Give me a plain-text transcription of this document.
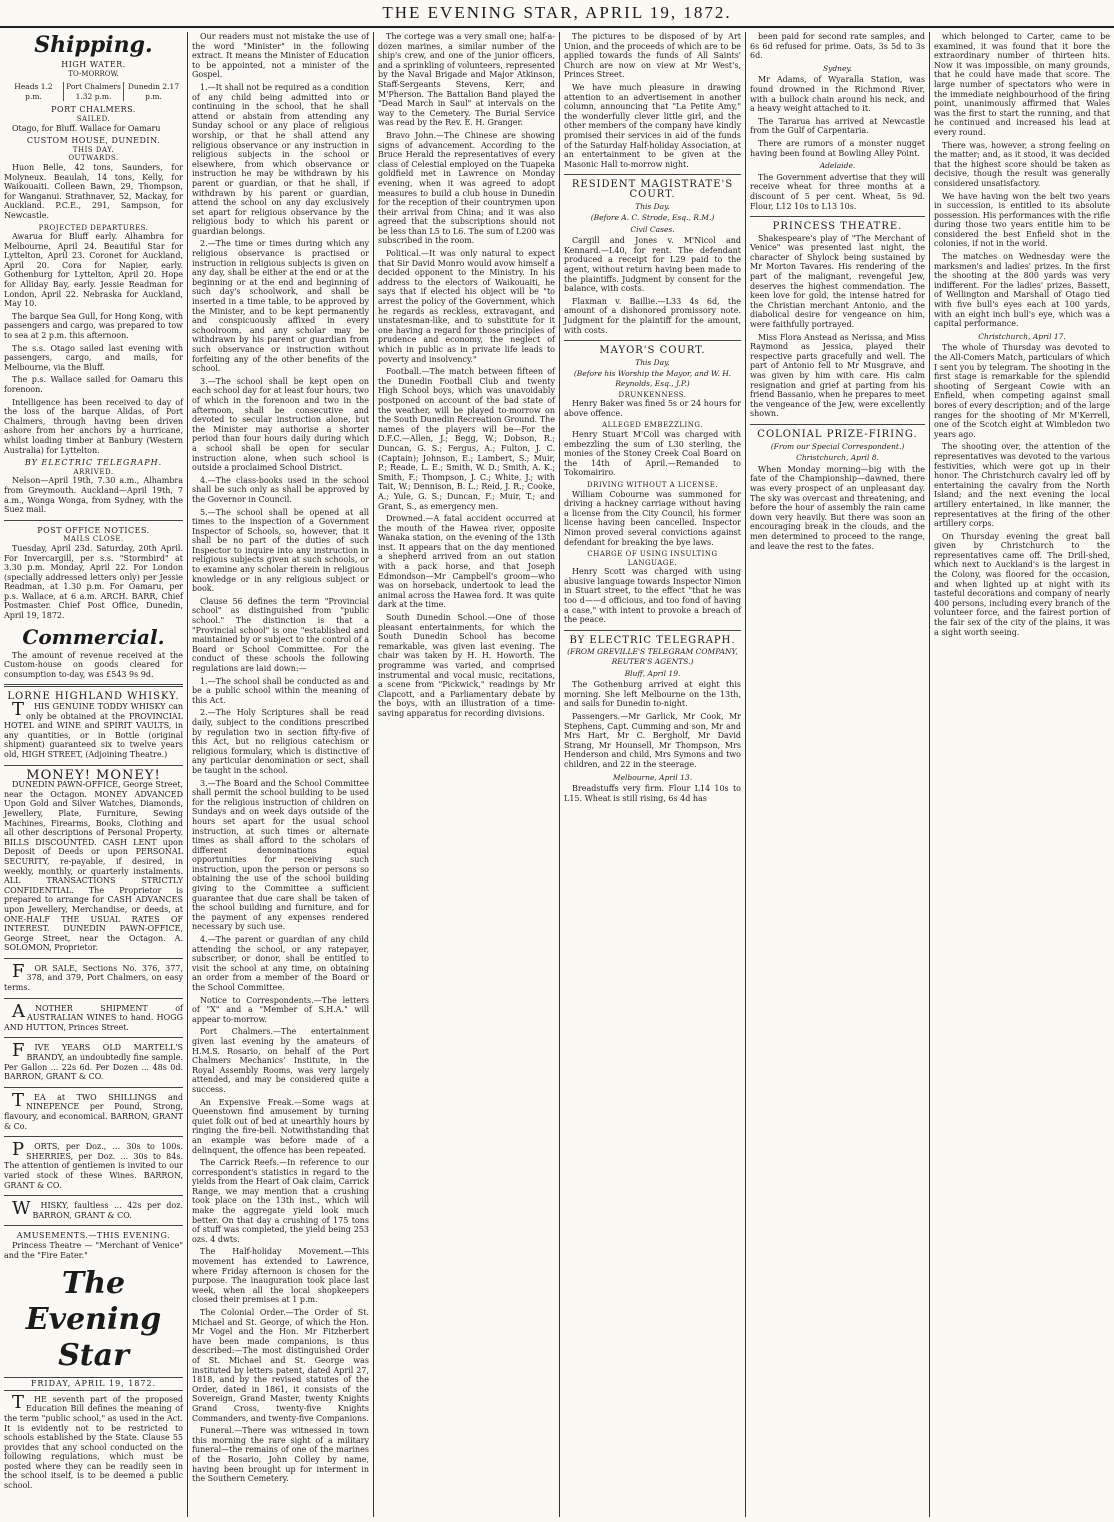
THE EVENING STAR, APRIL 19, 1872.
Shipping.
HIGH WATER.
TO-MORROW.
Heads 1.2 p.m.
Port Chalmers 1.32 p.m.
Dunedin 2.17 p.m.
PORT CHALMERS.
SAILED.
Otago, for Bluff. Wallace for Oamaru
CUSTOM HOUSE, DUNEDIN.
THIS DAY.
OUTWARDS.
Huon Belle, 42 tons, Saunders, for Molyneux. Beaulah, 14 tons, Kelly, for Waikouaiti. Colleen Bawn, 29, Thompson, for Wanganui. Strathnaver, 52, Mackay, for Auckland. P.C.E., 291, Sampson, for Newcastle.
PROJECTED DEPARTURES.
Awarua for Bluff early. Alhambra for Melbourne, April 24. Beautiful Star for Lyttelton, April 23. Coronet for Auckland, April 20. Cora for Napier, early. Gothenburg for Lyttelton, April 20. Hope for Alliday Bay, early. Jessie Readman for London, April 22. Nebraska for Auckland, May 10.
The barque Sea Gull, for Hong Kong, with passengers and cargo, was prepared to tow to sea at 2 p.m. this afternoon.
The s.s. Otago sailed last evening with passengers, cargo, and mails, for Melbourne, via the Bluff.
The p.s. Wallace sailed for Oamaru this forenoon.
Intelligence has been received to day of the loss of the barque Alidas, of Port Chalmers, through having been driven ashore from her anchors by a hurricane, whilst loading timber at Banbury (Western Australia) for Lyttelton.
BY ELECTRIC TELEGRAPH.
ARRIVED.
Nelson—April 19th, 7.30 a.m., Alhambra from Greymouth. Auckland—April 19th, 7 a.m., Wonga Wonga, from Sydney, with the Suez mail.
POST OFFICE NOTICES.
MAILS CLOSE.
Tuesday, April 23d. Saturday, 20th April. For Invercargill, per s.s. "Stormbird" at 3.30 p.m. Monday, April 22. For London (specially addressed letters only) per Jessie Readman, at 1.30 p.m. For Oamaru, per p.s. Wallace, at 6 a.m. ARCH. BARR, Chief Postmaster. Chief Post Office, Dunedin, April 19, 1872.
Commercial.
The amount of revenue received at the Custom-house on goods cleared for consumption to-day, was £543 9s 9d.
LORNE HIGHLAND WHISKY.
THIS GENUINE TODDY WHISKY can only be obtained at the PROVINCIAL HOTEL and WINE and SPIRIT VAULTS, in any quantities, or in Bottle (original shipment) guaranteed six to twelve years old, HIGH STREET, (Adjoining Theatre.)
MONEY! MONEY!
DUNEDIN PAWN-OFFICE, George Street, near the Octagon. MONEY ADVANCED Upon Gold and Silver Watches, Diamonds, Jewellery, Plate, Furniture, Sewing Machines, Firearms, Books, Clothing and all other descriptions of Personal Property. BILLS DISCOUNTED. CASH LENT upon Deposit of Deeds or upon PERSONAL SECURITY, re-payable, if desired, in weekly, monthly, or quarterly instalments. ALL TRANSACTIONS STRICTLY CONFIDENTIAL. The Proprietor is prepared to arrange for CASH ADVANCES upon Jewellery, Merchandise, or deeds, at ONE-HALF THE USUAL RATES OF INTEREST. DUNEDIN PAWN-OFFICE, George Street, near the Octagon. A. SOLOMON, Proprietor.
FOR SALE, Sections No. 376, 377, 378, and 379, Port Chalmers, on easy terms.
ANOTHER SHIPMENT of AUSTRALIAN WINES to hand. HOGG AND HUTTON, Princes Street.
FIVE YEARS OLD MARTELL'S BRANDY, an undoubtedly fine sample. Per Gallon ... 22s 6d. Per Dozen ... 48s 0d. BARRON, GRANT & CO.
TEA at TWO SHILLINGS and NINEPENCE per Pound, Strong, flavoury, and economical. BARRON, GRANT & Co.
PORTS, per Doz., ... 30s to 100s. SHERRIES, per Doz. ... 30s to 84s. The attention of gentlemen is invited to our varied stock of these Wines. BARRON, GRANT & CO.
WHISKY, faultless ... 42s per doz. BARRON, GRANT & CO.
AMUSEMENTS.—THIS EVENING.
Princess Theatre — "Merchant of Venice" and the "Fire Eater."
The Evening Star
FRIDAY, APRIL 19, 1872.
THE seventh part of the proposed Education Bill defines the meaning of the term "public school," as used in the Act. It is evidently not to be restricted to schools established by the State. Clause 55 provides that any school conducted on the following regulations, which must be posted where they can be readily seen in the school itself, is to be deemed a public school.
Our readers must not mistake the use of the word "Minister" in the following extract. It means the Minister of Education to be appointed, not a minister of the Gospel.
1.—It shall not be required as a condition of any child being admitted into or continuing in the school, that he shall attend or abstain from attending any Sunday school or any place of religious worship, or that he shall attend any religious observance or any instruction in religious subjects in the school or elsewhere, from which observance or instruction he may be withdrawn by his parent or guardian, or that he shall, if withdrawn by his parent or guardian, attend the school on any day exclusively set apart for religious observance by the religious body to which his parent or guardian belongs.
2.—The time or times during which any religious observance is practised or instruction in religious subjects is given on any day, shall be either at the end or at the beginning or at the end and beginning of such day's schoolwork, and shall be inserted in a time table, to be approved by the Minister, and to be kept permanently and conspicuously affixed in every schoolroom, and any scholar may be withdrawn by his parent or guardian from such observance or instruction without forfeiting any of the other benefits of the school.
3.—The school shall be kept open on each school day for at least four hours, two of which in the forenoon and two in the afternoon, shall be consecutive and devoted to secular instruction alone, but the Minister may authorise a shorter period than four hours daily during which a school shall be open for secular instruction alone, when such school is outside a proclaimed School District.
4.—The class-books used in the school shall be such only as shall be approved by the Governor in Council.
5.—The school shall be opened at all times to the inspection of a Government Inspector of Schools, so, however, that it shall be no part of the duties of such Inspector to inquire into any instruction in religious subjects given at such schools, or to examine any scholar therein in religious knowledge or in any religious subject or book.
Clause 56 defines the term "Provincial school" as distinguished from "public school." The distinction is that a "Provincial school" is one "established and maintained by or subject to the control of a Board or School Committee. For the conduct of these schools the following regulations are laid down:—
1.—The school shall be conducted as and be a public school within the meaning of this Act.
2.—The Holy Scriptures shall be read daily, subject to the conditions prescribed by regulation two in section fifty-five of this Act, but no religious catechism or religious formulary, which is distinctive of any particular denomination or sect, shall be taught in the school.
3.—The Board and the School Committee shall permit the school building to be used for the religious instruction of children on Sundays and on week days outside of the hours set apart for the usual school instruction, at such times or alternate times as shall afford to the scholars of different denominations equal opportunities for receiving such instruction, upon the person or persons so obtaining the use of the school building giving to the Committee a sufficient guarantee that due care shall be taken of the school building and furniture, and for the payment of any expenses rendered necessary by such use.
4.—The parent or guardian of any child attending the school, or any ratepayer, subscriber, or donor, shall be entitled to visit the school at any time, on obtaining an order from a member of the Board or the School Committee.
Notice to Correspondents.—The letters of "X" and a "Member of S.H.A." will appear to-morrow.
Port Chalmers.—The entertainment given last evening by the amateurs of H.M.S. Rosario, on behalf of the Port Chalmers Mechanics' Institute, in the Royal Assembly Rooms, was very largely attended, and may be considered quite a success.
An Expensive Freak.—Some wags at Queenstown find amusement by turning quiet folk out of bed at unearthly hours by ringing the fire-bell. Notwithstanding that an example was before made of a delinquent, the offence has been repeated.
The Carrick Reefs.—In reference to our correspondent's statistics in regard to the yields from the Heart of Oak claim, Carrick Range, we may mention that a crushing took place on the 13th inst., which will make the aggregate yield look much better. On that day a crushing of 175 tons of stuff was completed, the yield being 253 ozs. 4 dwts.
The Half-holiday Movement.—This movement has extended to Lawrence, where Friday afternoon is chosen for the purpose. The inauguration took place last week, when all the local shopkeepers closed their premises at 1 p.m.
The Colonial Order.—The Order of St. Michael and St. George, of which the Hon. Mr Vogel and the Hon. Mr Fitzherbert have been made companions, is thus described:—The most distinguished Order of St. Michael and St. George was instituted by letters patent, dated April 27, 1818, and by the revised statutes of the Order, dated in 1861, it consists of the Sovereign, Grand Master, twenty Knights Grand Cross, twenty-five Knights Commanders, and twenty-five Companions.
Funeral.—There was witnessed in town this morning the rare sight of a military funeral—the remains of one of the marines of the Rosario, John Colley by name, having been brought up for interment in the Southern Cemetery.
The cortege was a very small one; half-a-dozen marines, a similar number of the ship's crew, and one of the junior officers, and a sprinkling of volunteers, represented by the Naval Brigade and Major Atkinson, Staff-Sergeants Stevens, Kerr, and M'Pherson. The Battalion Band played the "Dead March in Saul" at intervals on the way to the Cemetery. The Burial Service was read by the Rev. E. H. Granger.
Bravo John.—The Chinese are showing signs of advancement. According to the Bruce Herald the representatives of every class of Celestial employed on the Tuapeka goldfield met in Lawrence on Monday evening, when it was agreed to adopt measures to build a club house in Dunedin for the reception of their countrymen upon their arrival from China; and it was also agreed that the subscriptions should not be less than L5 to L6. The sum of L200 was subscribed in the room.
Political.—It was only natural to expect that Sir David Monro would avow himself a decided opponent to the Ministry. In his address to the electors of Waikouaiti, he says that if elected his object will be "to arrest the policy of the Government, which he regards as reckless, extravagant, and unstatesman-like, and to substitute for it one having a regard for those principles of prudence and economy, the neglect of which in public as in private life leads to poverty and insolvency."
Football.—The match between fifteen of the Dunedin Football Club and twenty High School boys, which was unavoidably postponed on account of the bad state of the weather, will be played to-morrow on the South Dunedin Recreation Ground. The names of the players will be—For the D.F.C.—Allen, J.; Begg, W.; Dobson, R.; Duncan, G. S.; Fergus, A.; Fulton, J. C. (Captain); Johnson, E.; Lambert, S.; Muir, P.; Reade, L. E.; Smith, W. D.; Smith, A. K.; Smith, F.; Thompson, J. C.; White, J.; with Tait, W.; Dennison, B. L.; Reid, J. R.; Cooke, A.; Yule, G. S.; Duncan, F.; Muir, T.; and Grant, S., as emergency men.
Drowned.—A fatal accident occurred at the mouth of the Hawea river, opposite Wanaka station, on the evening of the 13th inst. It appears that on the day mentioned a shepherd arrived from an out station with a pack horse, and that Joseph Edmondson—Mr Campbell's groom—who was on horseback, undertook to lead the animal across the Hawea ford. It was quite dark at the time.
South Dunedin School.—One of those pleasant entertainments, for which the South Dunedin School has become remarkable, was given last evening. The chair was taken by H. H. Howorth. The programme was varied, and comprised instrumental and vocal music, recitations, a scene from "Pickwick," readings by Mr Clapcott, and a Parliamentary debate by the boys, with an illustration of a time-saving apparatus for recording divisions.
The pictures to be disposed of by Art Union, and the proceeds of which are to be applied towards the funds of All Saints' Church are now on view at Mr West's, Princes Street.
We have much pleasure in drawing attention to an advertisement in another column, announcing that "La Petite Amy," the wonderfully clever little girl, and the other members of the company have kindly promised their services in aid of the funds of the Saturday Half-holiday Association, at an entertainment to be given at the Masonic Hall to-morrow night.
RESIDENT MAGISTRATE'S COURT.
This Day.
(Before A. C. Strode, Esq., R.M.)
Civil Cases.
Cargill and Jones v. M'Nicol and Kennard.—L40, for rent. The defendant produced a receipt for L29 paid to the agent, without return having been made to the plaintiffs. Judgment by consent for the balance, with costs.
Flaxman v. Baillie.—L33 4s 6d, the amount of a dishonored promissory note. Judgment for the plaintiff for the amount, with costs.
MAYOR'S COURT.
This Day.
(Before his Worship the Mayor, and W. H. Reynolds, Esq., J.P.)
DRUNKENNESS.
Henry Baker was fined 5s or 24 hours for above offence.
ALLEGED EMBEZZLING.
Henry Stuart M'Coll was charged with embezzling the sum of L30 sterling, the monies of the Stoney Creek Coal Board on the 14th of April.—Remanded to Tokomairiro.
DRIVING WITHOUT A LICENSE.
William Cobourne was summoned for driving a hackney carriage without having a license from the City Council, his former license having been cancelled. Inspector Nimon proved several convictions against defendant for breaking the bye laws.
CHARGE OF USING INSULTING LANGUAGE.
Henry Scott was charged with using abusive language towards Inspector Nimon in Stuart street, to the effect "that he was too d——d officious, and too fond of having a case," with intent to provoke a breach of the peace.
BY ELECTRIC TELEGRAPH.
(FROM GREVILLE'S TELEGRAM COMPANY, REUTER'S AGENTS.)
Bluff, April 19.
The Gothenburg arrived at eight this morning. She left Melbourne on the 13th, and sails for Dunedin to-night.
Passengers.—Mr Garlick, Mr Cook, Mr Stephens, Capt. Cumming and son, Mr and Mrs Hart, Mr C. Bergholf, Mr David Strang, Mr Hounsell, Mr Thompson, Mrs Henderson and child, Mrs Symons and two children, and 22 in the steerage.
Melbourne, April 13.
Breadstuffs very firm. Flour L14 10s to L15. Wheat is still rising, 6s 4d has
been paid for second rate samples, and 6s 6d refused for prime. Oats, 3s 5d to 3s 6d.
Sydney.
Mr Adams, of Wyaralla Station, was found drowned in the Richmond River, with a bullock chain around his neck, and a heavy weight attached to it.
The Tararua has arrived at Newcastle from the Gulf of Carpentaria.
There are rumors of a monster nugget having been found at Bowling Alley Point.
Adelaide.
The Government advertise that they will receive wheat for three months at a discount of 5 per cent. Wheat, 5s 9d. Flour, L12 10s to L13 10s.
PRINCESS THEATRE.
Shakespeare's play of "The Merchant of Venice" was presented last night, the character of Shylock being sustained by Mr Morton Tavares. His rendering of the part of the malignant, revengeful Jew, deserves the highest commendation. The keen love for gold, the intense hatred for the Christian merchant Antonio, and the diabolical desire for vengeance on him, were faithfully portrayed.
Miss Flora Anstead as Nerissa, and Miss Raymond as Jessica, played their respective parts gracefully and well. The part of Antonio fell to Mr Musgrave, and was given by him with care. His calm resignation and grief at parting from his friend Bassanio, when he prepares to meet the vengeance of the Jew, were excellently shown.
COLONIAL PRIZE-FIRING.
(From our Special Correspondent.)
Christchurch, April 8.
When Monday morning—big with the fate of the Championship—dawned, there was every prospect of an unpleasant day. The sky was overcast and threatening, and before the hour of assembly the rain came down very heavily. But there was soon an encouraging break in the clouds, and the men determined to proceed to the range, and leave the rest to the fates.
which belonged to Carter, came to be examined, it was found that it bore the extraordinary number of thirteen hits. Now it was impossible, on many grounds, that he could have made that score. The large number of spectators who were in the immediate neighbourhood of the firing point, unanimously affirmed that Wales was the first to start the running, and that he continued and increased his lead at every round.
There was, however, a strong feeling on the matter; and, as it stood, it was decided that the highest score should be taken as decisive, though the result was generally considered unsatisfactory.
We have having won the belt two years in succession, is entitled to its absolute possession. His performances with the rifle during those two years entitle him to be considered the best Enfield shot in the colonies, if not in the world.
The matches on Wednesday were the marksmen's and ladies' prizes. In the first the shooting at the 800 yards was very indifferent. For the ladies' prizes, Bassett, of Wellington and Marshall of Otago tied with five bull's eyes each at 100 yards, with an eight inch bull's eye, which was a capital performance.
Christchurch, April 17.
The whole of Thursday was devoted to the All-Comers Match, particulars of which I sent you by telegram. The shooting in the first stage is remarkable for the splendid shooting of Sergeant Cowie with an Enfield, when competing against small bores of every description; and of the large ranges for the shooting of Mr M'Kerrell, one of the Scotch eight at Wimbledon two years ago.
The shooting over, the attention of the representatives was devoted to the various festivities, which were got up in their honor. The Christchurch cavalry led off by entertaining the cavalry from the North Island; and the next evening the local artillery entertained, in like manner, the representatives at the firing of the other artillery corps.
On Thursday evening the great ball given by Christchurch to the representatives came off. The Drill-shed, which next to Auckland's is the largest in the Colony, was floored for the occasion, and when lighted up at night with its tasteful decorations and company of nearly 400 persons, including every branch of the volunteer force, and the fairest portion of the fair sex of the city of the plains, it was a sight worth seeing.
